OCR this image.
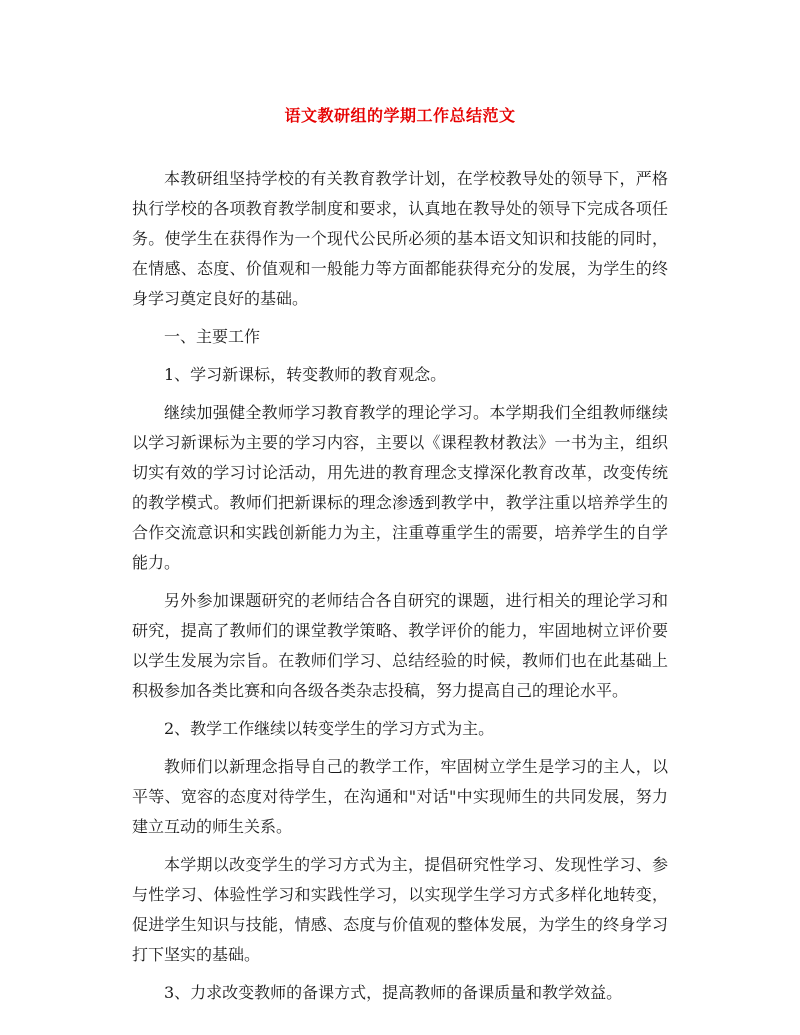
语文教研组的学期工作总结范文

本教研组坚持学校的有关教育教学计划，在学校教导处的领导下，严格执行学校的各项教育教学制度和要求，认真地在教导处的领导下完成各项任务。使学生在获得作为一个现代公民所必须的基本语文知识和技能的同时，在情感、态度、价值观和一般能力等方面都能获得充分的发展，为学生的终身学习奠定良好的基础。

一、主要工作

1、学习新课标，转变教师的教育观念。

继续加强健全教师学习教育教学的理论学习。本学期我们全组教师继续以学习新课标为主要的学习内容，主要以《课程教材教法》一书为主，组织切实有效的学习讨论活动，用先进的教育理念支撑深化教育改革，改变传统的教学模式。教师们把新课标的理念渗透到教学中，教学注重以培养学生的合作交流意识和实践创新能力为主，注重尊重学生的需要，培养学生的自学能力。

另外参加课题研究的老师结合各自研究的课题，进行相关的理论学习和研究，提高了教师们的课堂教学策略、教学评价的能力，牢固地树立评价要以学生发展为宗旨。在教师们学习、总结经验的时候，教师们也在此基础上积极参加各类比赛和向各级各类杂志投稿，努力提高自己的理论水平。

2、教学工作继续以转变学生的学习方式为主。

教师们以新理念指导自己的教学工作，牢固树立学生是学习的主人，以平等、宽容的态度对待学生，在沟通和"对话"中实现师生的共同发展，努力建立互动的师生关系。

本学期以改变学生的学习方式为主，提倡研究性学习、发现性学习、参与性学习、体验性学习和实践性学习，以实现学生学习方式多样化地转变，促进学生知识与技能，情感、态度与价值观的整体发展，为学生的终身学习打下坚实的基础。

3、力求改变教师的备课方式，提高教师的备课质量和教学效益。
